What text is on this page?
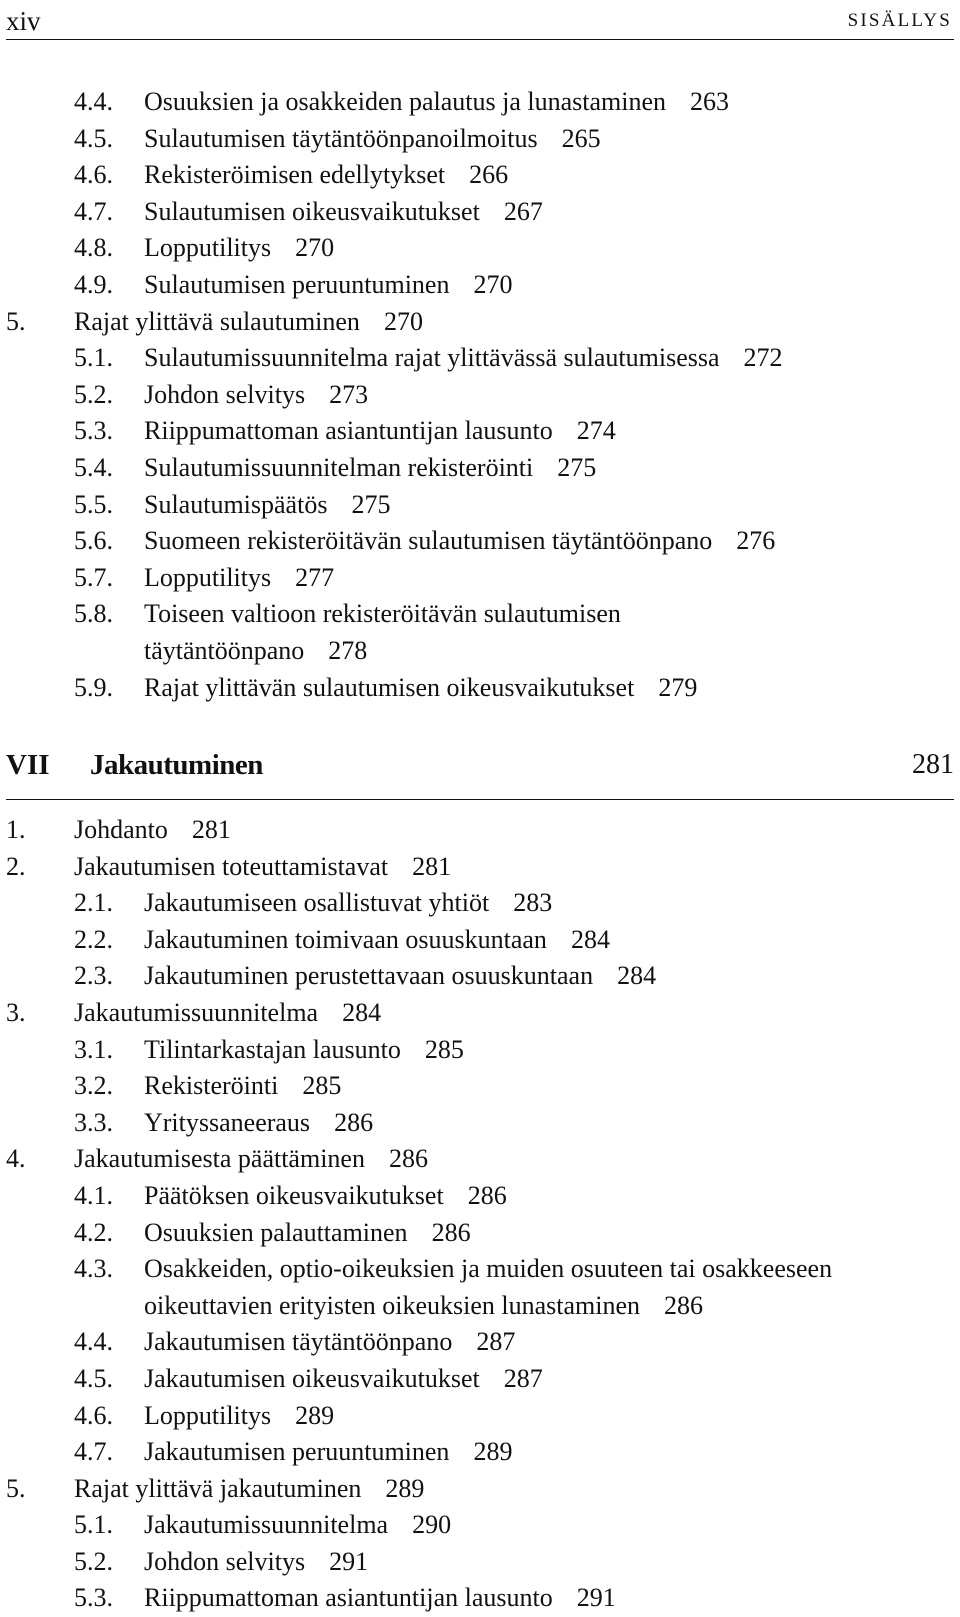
xiv	SISÄLLYS
4.4. Osuuksien ja osakkeiden palautus ja lunastaminen 263
4.5. Sulautumisen täytäntöönpanoilmoitus 265
4.6. Rekisteröimisen edellytykset 266
4.7. Sulautumisen oikeusvaikutukset 267
4.8. Lopputilitys 270
4.9. Sulautumisen peruuntuminen 270
5. Rajat ylittävä sulautuminen 270
5.1. Sulautumissuunnitelma rajat ylittävässä sulautumisessa 272
5.2. Johdon selvitys 273
5.3. Riippumattoman asiantuntijan lausunto 274
5.4. Sulautumissuunnitelman rekisteröinti 275
5.5. Sulautumispäätös 275
5.6. Suomeen rekisteröitävän sulautumisen täytäntöönpano 276
5.7. Lopputilitys 277
5.8. Toiseen valtioon rekisteröitävän sulautumisen täytäntöönpano 278
5.9. Rajat ylittävän sulautumisen oikeusvaikutukset 279
VII Jakautuminen	281
1. Johdanto 281
2. Jakautumisen toteuttamistavat 281
2.1. Jakautumiseen osallistuvat yhtiöt 283
2.2. Jakautuminen toimivaan osuuskuntaan 284
2.3. Jakautuminen perustettavaan osuuskuntaan 284
3. Jakautumissuunnitelma 284
3.1. Tilintarkastajan lausunto 285
3.2. Rekisteröinti 285
3.3. Yrityssaneeraus 286
4. Jakautumisesta päättäminen 286
4.1. Päätöksen oikeusvaikutukset 286
4.2. Osuuksien palauttaminen 286
4.3. Osakkeiden, optio-oikeuksien ja muiden osuuteen tai osakkeeseen oikeuttavien erityisten oikeuksien lunastaminen 286
4.4. Jakautumisen täytäntöönpano 287
4.5. Jakautumisen oikeusvaikutukset 287
4.6. Lopputilitys 289
4.7. Jakautumisen peruuntuminen 289
5. Rajat ylittävä jakautuminen 289
5.1. Jakautumissuunnitelma 290
5.2. Johdon selvitys 291
5.3. Riippumattoman asiantuntijan lausunto 291
